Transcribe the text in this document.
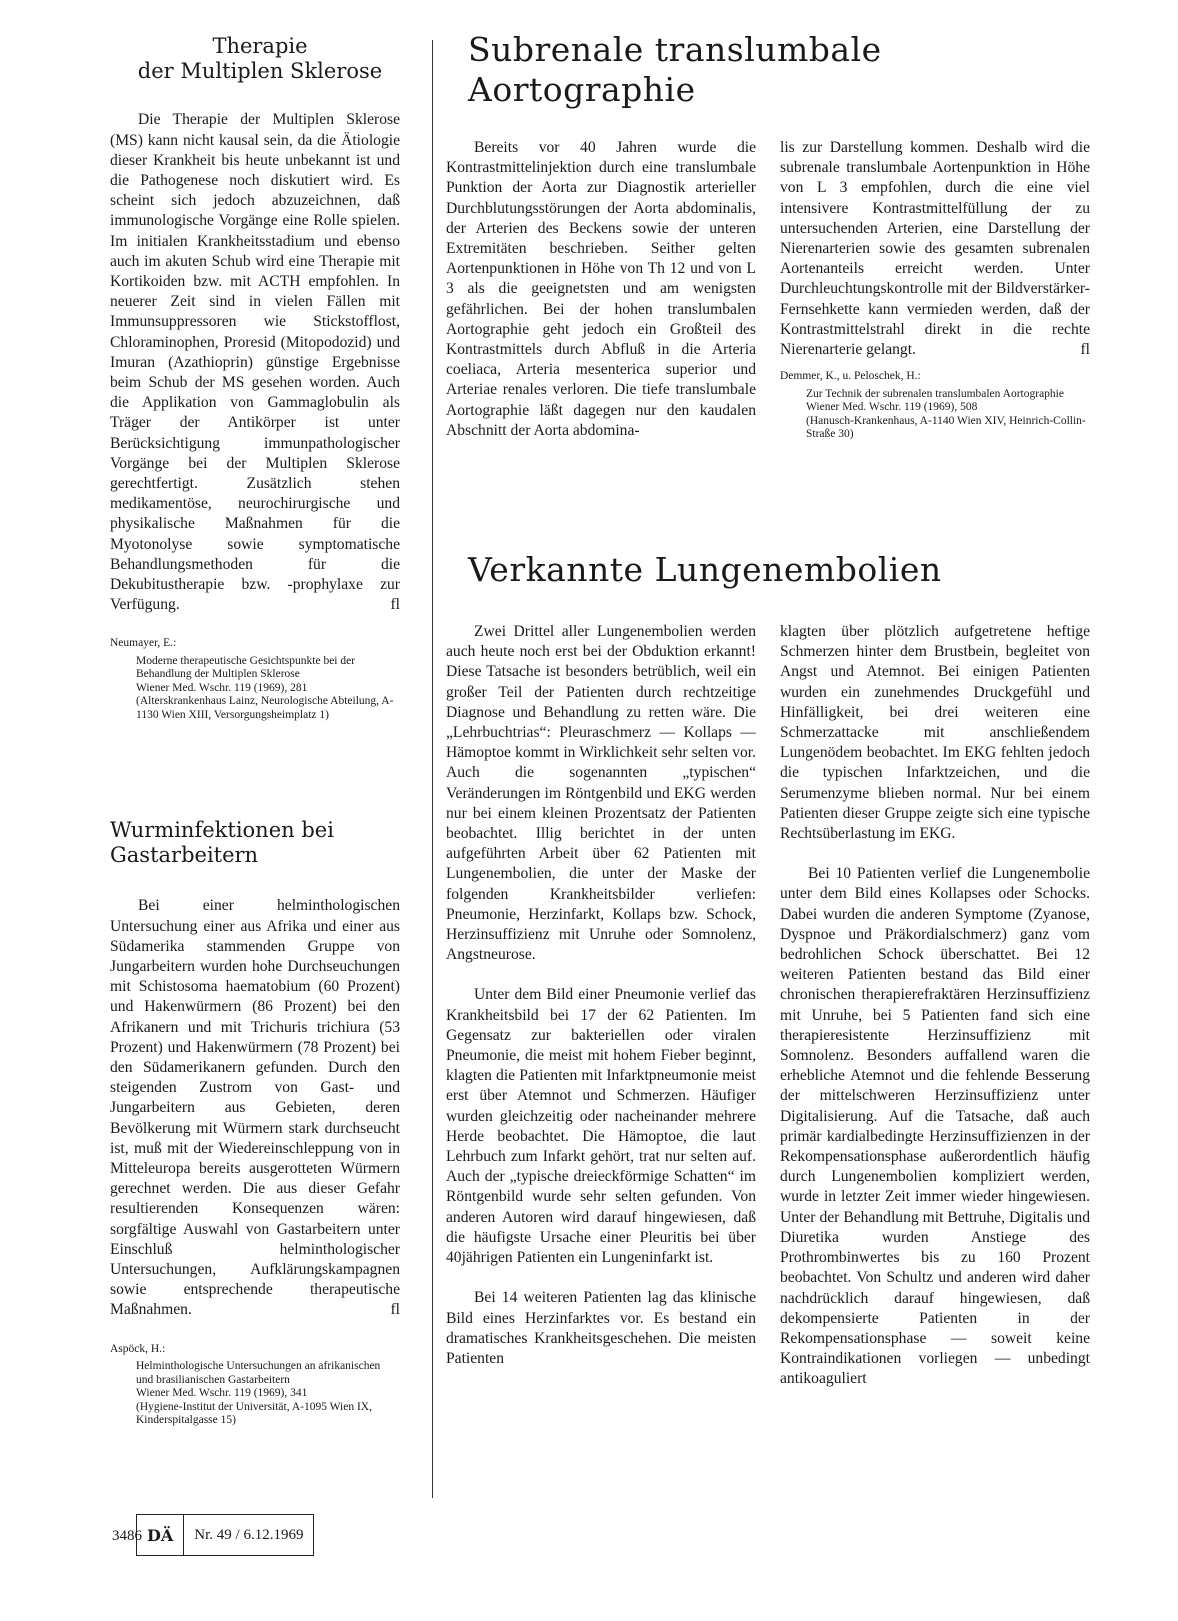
Therapie
der Multiplen Sklerose

Die Therapie der Multiplen Sklerose (MS) kann nicht kausal sein, da die Ätiologie dieser Krankheit bis heute unbekannt ist und die Pathogenese noch diskutiert wird. Es scheint sich jedoch abzuzeichnen, daß immunologische Vorgänge eine Rolle spielen. Im initialen Krankheitsstadium und ebenso auch im akuten Schub wird eine Therapie mit Kortikoiden bzw. mit ACTH empfohlen. In neuerer Zeit sind in vielen Fällen mit Immunsuppressoren wie Stickstofflost, Chloraminophen, Proresid (Mitopodozid) und Imuran (Azathioprin) günstige Ergebnisse beim Schub der MS gesehen worden. Auch die Applikation von Gammaglobulin als Träger der Antikörper ist unter Berücksichtigung immunpathologischer Vorgänge bei der Multiplen Sklerose gerechtfertigt. Zusätzlich stehen medikamentöse, neurochirurgische und physikalische Maßnahmen für die Myotonolyse sowie symptomatische Behandlungsmethoden für die Dekubitustherapie bzw. -prophylaxe zur Verfügung.	fl

Neumayer, E.:

Moderne therapeutische Gesichtspunkte bei der Behandlung der Multiplen Sklerose

Wiener Med. Wschr. 119 (1969), 281

(Alterskrankenhaus Lainz, Neurologische Abteilung, A-1130 Wien XIII, Versorgungsheimplatz 1)

Wurminfektionen bei
Gastarbeitern

Bei einer helminthologischen Untersuchung einer aus Afrika und einer aus Südamerika stammenden Gruppe von Jungarbeitern wurden hohe Durchseuchungen mit Schistosoma haematobium (60 Prozent) und Hakenwürmern (86 Prozent) bei den Afrikanern und mit Trichuris trichiura (53 Prozent) und Hakenwürmern (78 Prozent) bei den Südamerikanern gefunden. Durch den steigenden Zustrom von Gast- und Jungarbeitern aus Gebieten, deren Bevölkerung mit Würmern stark durchseucht ist, muß mit der Wiedereinschleppung von in Mitteleuropa bereits ausgerotteten Würmern gerechnet werden. Die aus dieser Gefahr resultierenden Konsequenzen wären: sorgfältige Auswahl von Gastarbeitern unter Einschluß helminthologischer Untersuchungen, Aufklärungskampagnen sowie entsprechende therapeutische Maßnahmen.	fl

Aspöck, H.:

Helminthologische Untersuchungen an afrikanischen und brasilianischen Gastarbeitern

Wiener Med. Wschr. 119 (1969), 341

(Hygiene-Institut der Universität, A-1095 Wien IX, Kinderspitalgasse 15)

Subrenale translumbale
Aortographie

Bereits vor 40 Jahren wurde die Kontrastmittelinjektion durch eine translumbale Punktion der Aorta zur Diagnostik arterieller Durchblutungsstörungen der Aorta abdominalis, der Arterien des Beckens sowie der unteren Extremitäten beschrieben. Seither gelten Aortenpunktionen in Höhe von Th 12 und von L 3 als die geeignetsten und am wenigsten gefährlichen. Bei der hohen translumbalen Aortographie geht jedoch ein Großteil des Kontrastmittels durch Abfluß in die Arteria coeliaca, Arteria mesenterica superior und Arteriae renales verloren. Die tiefe translumbale Aortographie läßt dagegen nur den kaudalen Abschnitt der Aorta abdomina-

lis zur Darstellung kommen. Deshalb wird die subrenale translumbale Aortenpunktion in Höhe von L 3 empfohlen, durch die eine viel intensivere Kontrastmittelfüllung der zu untersuchenden Arterien, eine Darstellung der Nierenarterien sowie des gesamten subrenalen Aortenanteils erreicht werden. Unter Durchleuchtungskontrolle mit der Bildverstärker-Fernsehkette kann vermieden werden, daß der Kontrastmittelstrahl direkt in die rechte Nierenarterie gelangt.	fl

Demmer, K., u. Peloschek, H.:

Zur Technik der subrenalen translumbalen Aortographie

Wiener Med. Wschr. 119 (1969), 508

(Hanusch-Krankenhaus, A-1140 Wien XIV, Heinrich-Collin-Straße 30)

Verkannte Lungenembolien

Zwei Drittel aller Lungenembolien werden auch heute noch erst bei der Obduktion erkannt! Diese Tatsache ist besonders betrüblich, weil ein großer Teil der Patienten durch rechtzeitige Diagnose und Behandlung zu retten wäre. Die „Lehrbuchtrias“: Pleuraschmerz — Kollaps — Hämoptoe kommt in Wirklichkeit sehr selten vor. Auch die sogenannten „typischen“ Veränderungen im Röntgenbild und EKG werden nur bei einem kleinen Prozentsatz der Patienten beobachtet. Illig berichtet in der unten aufgeführten Arbeit über 62 Patienten mit Lungenembolien, die unter der Maske der folgenden Krankheitsbilder verliefen: Pneumonie, Herzinfarkt, Kollaps bzw. Schock, Herzinsuffizienz mit Unruhe oder Somnolenz, Angstneurose.

Unter dem Bild einer Pneumonie verlief das Krankheitsbild bei 17 der 62 Patienten. Im Gegensatz zur bakteriellen oder viralen Pneumonie, die meist mit hohem Fieber beginnt, klagten die Patienten mit Infarktpneumonie meist erst über Atemnot und Schmerzen. Häufiger wurden gleichzeitig oder nacheinander mehrere Herde beobachtet. Die Hämoptoe, die laut Lehrbuch zum Infarkt gehört, trat nur selten auf. Auch der „typische dreieckförmige Schatten“ im Röntgenbild wurde sehr selten gefunden. Von anderen Autoren wird darauf hingewiesen, daß die häufigste Ursache einer Pleuritis bei über 40jährigen Patienten ein Lungeninfarkt ist.

Bei 14 weiteren Patienten lag das klinische Bild eines Herzinfarktes vor. Es bestand ein dramatisches Krankheitsgeschehen. Die meisten Patienten

klagten über plötzlich aufgetretene heftige Schmerzen hinter dem Brustbein, begleitet von Angst und Atemnot. Bei einigen Patienten wurden ein zunehmendes Druckgefühl und Hinfälligkeit, bei drei weiteren eine Schmerzattacke mit anschließendem Lungenödem beobachtet. Im EKG fehlten jedoch die typischen Infarktzeichen, und die Serumenzyme blieben normal. Nur bei einem Patienten dieser Gruppe zeigte sich eine typische Rechtsüberlastung im EKG.

Bei 10 Patienten verlief die Lungenembolie unter dem Bild eines Kollapses oder Schocks. Dabei wurden die anderen Symptome (Zyanose, Dyspnoe und Präkordialschmerz) ganz vom bedrohlichen Schock überschattet. Bei 12 weiteren Patienten bestand das Bild einer chronischen therapierefraktären Herzinsuffizienz mit Unruhe, bei 5 Patienten fand sich eine therapieresistente Herzinsuffizienz mit Somnolenz. Besonders auffallend waren die erhebliche Atemnot und die fehlende Besserung der mittelschweren Herzinsuffizienz unter Digitalisierung. Auf die Tatsache, daß auch primär kardialbedingte Herzinsuffizienzen in der Rekompensationsphase außerordentlich häufig durch Lungenembolien kompliziert werden, wurde in letzter Zeit immer wieder hingewiesen. Unter der Behandlung mit Bettruhe, Digitalis und Diuretika wurden Anstiege des Prothrombinwertes bis zu 160 Prozent beobachtet. Von Schultz und anderen wird daher nachdrücklich darauf hingewiesen, daß dekompensierte Patienten in der Rekompensationsphase — soweit keine Kontraindikationen vorliegen — unbedingt antikoaguliert

3486 DÄ	Nr. 49 / 6.12.1969
